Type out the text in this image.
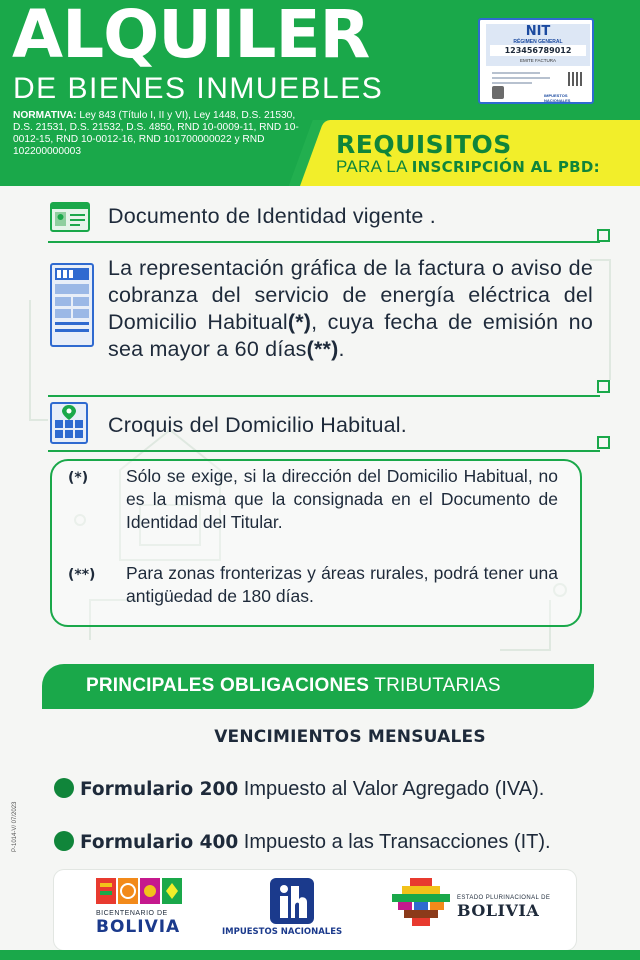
ALQUILER
DE BIENES INMUEBLES
NORMATIVA: Ley 843 (Título I, II y VI), Ley 1448, D.S. 21530, D.S. 21531, D.S. 21532, D.S. 4850, RND 10-0009-11, RND 10-0012-15, RND 10-0012-16, RND 101700000022 y RND 102200000003
NIT
RÉGIMEN GENERAL
123456789012
EMITE FACTURA
IMPUESTOS NACIONALES
REQUISITOS
PARA LA INSCRIPCIÓN AL PBD:
Documento de Identidad vigente .
La representación gráfica de la factura o aviso de cobranza del servicio de energía eléctrica del Domicilio Habitual(*), cuya fecha de emisión no sea mayor a 60 días(**).
Croquis del Domicilio Habitual.
(*) Sólo se exige, si la dirección del Domicilio Habitual, no es la misma que la consignada en el Documento de Identidad del Titular.
(**) Para zonas fronterizas y áreas rurales, podrá tener una antigüedad de 180 días.
PRINCIPALES OBLIGACIONES TRIBUTARIAS
VENCIMIENTOS MENSUALES
Formulario 200 Impuesto al Valor Agregado (IVA).
Formulario 400 Impuesto a las Transacciones (IT).
P-1014-V/ 07/2023
BICENTENARIO DE
BOLIVIA	IMPUESTOS NACIONALES
ESTADO PLURINACIONAL DE
BOLIVIA
